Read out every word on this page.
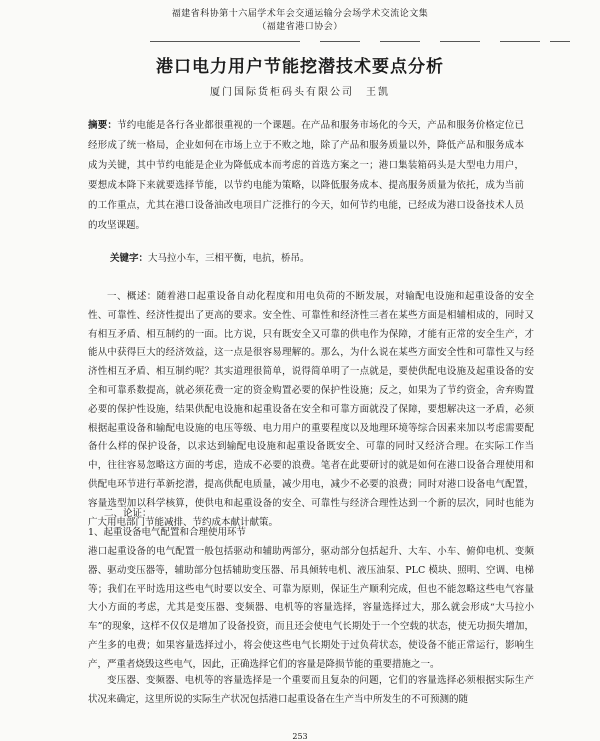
福建省科协第十六届学术年会交通运输分会场学术交流论文集
（福建省港口协会）
港口电力用户节能挖潜技术要点分析
厦门国际货柜码头有限公司　王凯
摘要：节约电能是各行各业都很重视的一个课题。在产品和服务市场化的今天，产品和服务价格定位已经形成了统一格局，企业如何在市场上立于不败之地，除了产品和服务质量以外，降低产品和服务成本成为关键，其中节约电能是企业为降低成本而考虑的首选方案之一；港口集装箱码头是大型电力用户，要想成本降下来就要选择节能，以节约电能为策略，以降低服务成本、提高服务质量为依托，成为当前的工作重点，尤其在港口设备油改电项目广泛推行的今天，如何节约电能，已经成为港口设备技术人员的攻坚课题。
关键字：大马拉小车，三相平衡，电抗，桥吊。
一、概述：随着港口起重设备自动化程度和用电负荷的不断发展，对输配电设施和起重设备的安全性、可靠性、经济性提出了更高的要求。安全性、可靠性和经济性三者在某些方面是相辅相成的，同时又有相互矛盾、相互制约的一面。比方说，只有既安全又可靠的供电作为保障，才能有正常的安全生产，才能从中获得巨大的经济效益，这一点是很容易理解的。那么，为什么说在某些方面安全性和可靠性又与经济性相互矛盾、相互制约呢？其实道理很简单，说得简单明了一点就是，要使供配电设施及起重设备的安全和可靠系数提高，就必须花费一定的资金购置必要的保护性设施；反之，如果为了节约资金，舍弃购置必要的保护性设施，结果供配电设施和起重设备在安全和可靠方面就没了保障，要想解决这一矛盾，必须根据起重设备和输配电设施的电压等级、电力用户的重要程度以及地理环境等综合因素来加以考虑需要配备什么样的保护设备，以求达到输配电设施和起重设备既安全、可靠的同时又经济合理。在实际工作当中，往往容易忽略这方面的考虑，造成不必要的浪费。笔者在此要研讨的就是如何在港口设备合理使用和供配电环节进行革新挖潜，提高供配电质量，减少用电，减少不必要的浪费；同时对港口设备电气配置，容量选型加以科学核算，使供电和起重设备的安全、可靠性与经济合理性达到一个新的层次，同时也能为广大用电部门节能减排、节约成本献计献策。
二、论证：
1、起重设备电气配置和合理使用环节
港口起重设备的电气配置一般包括驱动和辅助两部分，驱动部分包括起升、大车、小车、俯仰电机、变频器、驱动变压器等，辅助部分包括辅助变压器、吊具倾转电机、液压油泵、PLC 模块、照明、空调、电梯等；我们在平时选用这些电气时要以安全、可靠为原则，保证生产顺利完成，但也不能忽略这些电气容量大小方面的考虑，尤其是变压器、变频器、电机等的容量选择，容量选择过大，那么就会形成“大马拉小车”的现象，这样不仅仅是增加了设备投资，而且还会使电气长期处于一个空载的状态，使无功损失增加，产生多的电费；如果容量选择过小，将会使这些电气长期处于过负荷状态，使设备不能正常运行，影响生产，严重者烧毁这些电气，因此，正确选择它们的容量是降损节能的重要措施之一。
变压器、变频器、电机等的容量选择是一个重要而且复杂的问题，它们的容量选择必须根据实际生产状况来确定，这里所说的实际生产状况包括港口起重设备在生产当中所发生的不可预测的随
253
